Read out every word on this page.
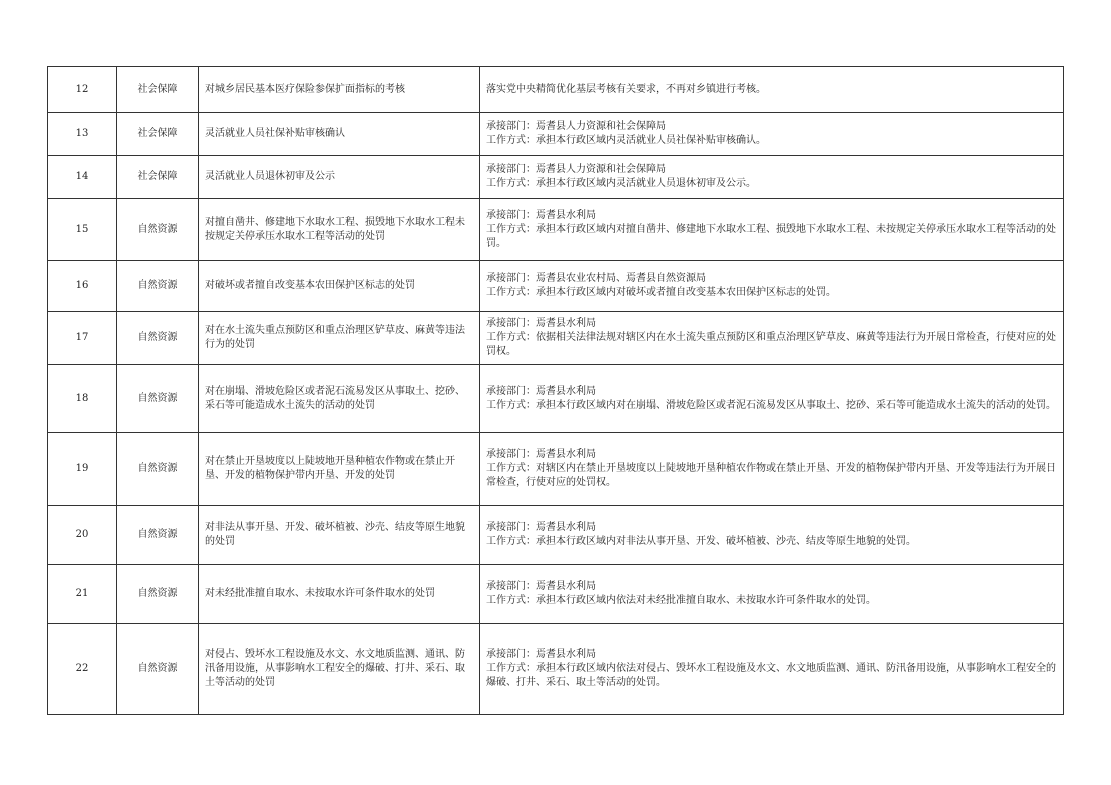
12	社会保障	对城乡居民基本医疗保险参保扩面指标的考核	落实党中央精简优化基层考核有关要求，不再对乡镇进行考核。

13	社会保障	灵活就业人员社保补贴审核确认	承接部门：焉耆县人力资源和社会保障局
工作方式：承担本行政区域内灵活就业人员社保补贴审核确认。

14	社会保障	灵活就业人员退休初审及公示	承接部门：焉耆县人力资源和社会保障局
工作方式：承担本行政区域内灵活就业人员退休初审及公示。

15	自然资源	对擅自凿井、修建地下水取水工程、损毁地下水取水工程未按规定关停承压水取水工程等活动的处罚	承接部门：焉耆县水利局
工作方式：承担本行政区域内对擅自凿井、修建地下水取水工程、损毁地下水取水工程、未按规定关停承压水取水工程等活动的处罚。

16	自然资源	对破坏或者擅自改变基本农田保护区标志的处罚	承接部门：焉耆县农业农村局、焉耆县自然资源局
工作方式：承担本行政区域内对破坏或者擅自改变基本农田保护区标志的处罚。

17	自然资源	对在水土流失重点预防区和重点治理区铲草皮、麻黄等违法行为的处罚	承接部门：焉耆县水利局
工作方式：依据相关法律法规对辖区内在水土流失重点预防区和重点治理区铲草皮、麻黄等违法行为开展日常检查，行使对应的处罚权。

18	自然资源	对在崩塌、滑坡危险区或者泥石流易发区从事取土、挖砂、采石等可能造成水土流失的活动的处罚	承接部门：焉耆县水利局
工作方式：承担本行政区域内对在崩塌、滑坡危险区或者泥石流易发区从事取土、挖砂、采石等可能造成水土流失的活动的处罚。

19	自然资源	对在禁止开垦坡度以上陡坡地开垦种植农作物或在禁止开垦、开发的植物保护带内开垦、开发的处罚	承接部门：焉耆县水利局
工作方式：对辖区内在禁止开垦坡度以上陡坡地开垦种植农作物或在禁止开垦、开发的植物保护带内开垦、开发等违法行为开展日常检查，行使对应的处罚权。

20	自然资源	对非法从事开垦、开发、破坏植被、沙壳、结皮等原生地貌的处罚	承接部门：焉耆县水利局
工作方式：承担本行政区域内对非法从事开垦、开发、破坏植被、沙壳、结皮等原生地貌的处罚。

21	自然资源	对未经批准擅自取水、未按取水许可条件取水的处罚	承接部门：焉耆县水利局
工作方式：承担本行政区域内依法对未经批准擅自取水、未按取水许可条件取水的处罚。

22	自然资源	对侵占、毁坏水工程设施及水文、水文地质监测、通讯、防汛备用设施，从事影响水工程安全的爆破、打井、采石、取土等活动的处罚	承接部门：焉耆县水利局
工作方式：承担本行政区域内依法对侵占、毁坏水工程设施及水文、水文地质监测、通讯、防汛备用设施，从事影响水工程安全的爆破、打井、采石、取土等活动的处罚。
